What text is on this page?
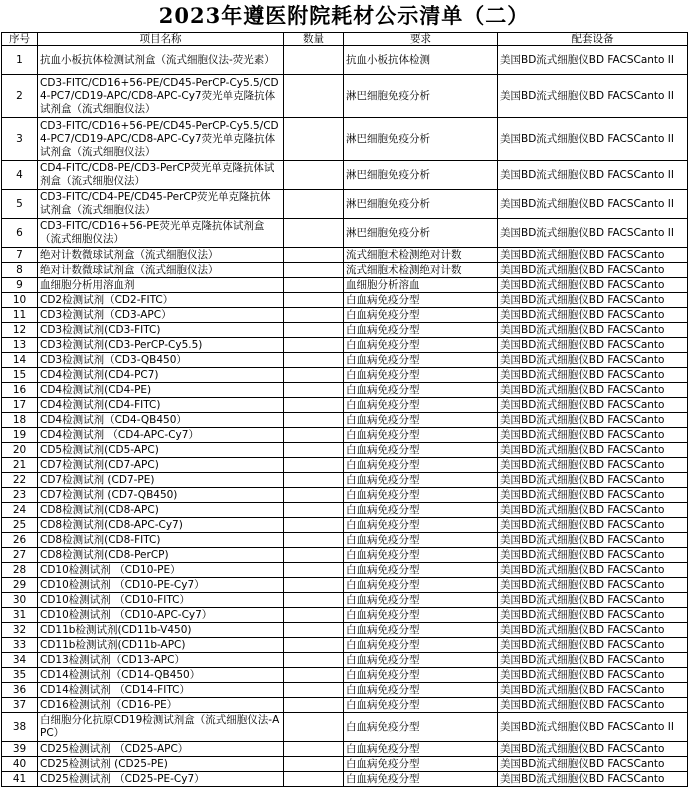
2023年遵医附院耗材公示清单（二）
序号	项目名称	数量	要求	配套设备
1	抗血小板抗体检测试剂盒（流式细胞仪法-荧光素）		抗血小板抗体检测	美国BD流式细胞仪BD FACSCanto II
2	CD3-FITC/CD16+56-PE/CD45-PerCP-Cy5.5/CD4-PC7/CD19-APC/CD8-APC-Cy7荧光单克隆抗体试剂盒（流式细胞仪法）		淋巴细胞免疫分析	美国BD流式细胞仪BD FACSCanto II
3	CD3-FITC/CD16+56-PE/CD45-PerCP-Cy5.5/CD4-PC7/CD19-APC/CD8-APC-Cy7荧光单克隆抗体试剂盒（流式细胞仪法）		淋巴细胞免疫分析	美国BD流式细胞仪BD FACSCanto II
4	CD4-FITC/CD8-PE/CD3-PerCP荧光单克隆抗体试剂盒（流式细胞仪法）		淋巴细胞免疫分析	美国BD流式细胞仪BD FACSCanto II
5	CD3-FITC/CD4-PE/CD45-PerCP荧光单克隆抗体试剂盒（流式细胞仪法）		淋巴细胞免疫分析	美国BD流式细胞仪BD FACSCanto II
6	CD3-FITC/CD16+56-PE荧光单克隆抗体试剂盒（流式细胞仪法）		淋巴细胞免疫分析	美国BD流式细胞仪BD FACSCanto II
7	绝对计数微球试剂盒（流式细胞仪法）		流式细胞术检测绝对计数	美国BD流式细胞仪BD FACSCanto
8	绝对计数微球试剂盒（流式细胞仪法）		流式细胞术检测绝对计数	美国BD流式细胞仪BD FACSCanto
9	血细胞分析用溶血剂		血细胞分析溶血	美国BD流式细胞仪BD FACSCanto
10	CD2检测试剂（CD2-FITC）		白血病免疫分型	美国BD流式细胞仪BD FACSCanto
11	CD3检测试剂（CD3-APC）		白血病免疫分型	美国BD流式细胞仪BD FACSCanto
12	CD3检测试剂(CD3-FITC)		白血病免疫分型	美国BD流式细胞仪BD FACSCanto
13	CD3检测试剂(CD3-PerCP-Cy5.5)		白血病免疫分型	美国BD流式细胞仪BD FACSCanto
14	CD3检测试剂（CD3-QB450）		白血病免疫分型	美国BD流式细胞仪BD FACSCanto
15	CD4检测试剂(CD4-PC7)		白血病免疫分型	美国BD流式细胞仪BD FACSCanto
16	CD4检测试剂(CD4-PE)		白血病免疫分型	美国BD流式细胞仪BD FACSCanto
17	CD4检测试剂(CD4-FITC)		白血病免疫分型	美国BD流式细胞仪BD FACSCanto
18	CD4检测试剂（CD4-QB450）		白血病免疫分型	美国BD流式细胞仪BD FACSCanto
19	CD4检测试剂 （CD4-APC-Cy7）		白血病免疫分型	美国BD流式细胞仪BD FACSCanto
20	CD5检测试剂(CD5-APC)		白血病免疫分型	美国BD流式细胞仪BD FACSCanto
21	CD7检测试剂(CD7-APC)		白血病免疫分型	美国BD流式细胞仪BD FACSCanto
22	CD7检测试剂 (CD7-PE)		白血病免疫分型	美国BD流式细胞仪BD FACSCanto
23	CD7检测试剂 (CD7-QB450)		白血病免疫分型	美国BD流式细胞仪BD FACSCanto
24	CD8检测试剂(CD8-APC)		白血病免疫分型	美国BD流式细胞仪BD FACSCanto
25	CD8检测试剂(CD8-APC-Cy7)		白血病免疫分型	美国BD流式细胞仪BD FACSCanto
26	CD8检测试剂(CD8-FITC)		白血病免疫分型	美国BD流式细胞仪BD FACSCanto
27	CD8检测试剂(CD8-PerCP)		白血病免疫分型	美国BD流式细胞仪BD FACSCanto
28	CD10检测试剂 （CD10-PE）		白血病免疫分型	美国BD流式细胞仪BD FACSCanto
29	CD10检测试剂 （CD10-PE-Cy7）		白血病免疫分型	美国BD流式细胞仪BD FACSCanto
30	CD10检测试剂 （CD10-FITC）		白血病免疫分型	美国BD流式细胞仪BD FACSCanto
31	CD10检测试剂 （CD10-APC-Cy7）		白血病免疫分型	美国BD流式细胞仪BD FACSCanto
32	CD11b检测试剂(CD11b-V450)		白血病免疫分型	美国BD流式细胞仪BD FACSCanto
33	CD11b检测试剂(CD11b-APC)		白血病免疫分型	美国BD流式细胞仪BD FACSCanto
34	CD13检测试剂（CD13-APC）		白血病免疫分型	美国BD流式细胞仪BD FACSCanto
35	CD14检测试剂（CD14-QB450）		白血病免疫分型	美国BD流式细胞仪BD FACSCanto
36	CD14检测试剂 （CD14-FITC）		白血病免疫分型	美国BD流式细胞仪BD FACSCanto
37	CD16检测试剂（CD16-PE）		白血病免疫分型	美国BD流式细胞仪BD FACSCanto
38	白细胞分化抗原CD19检测试剂盒（流式细胞仪法-APC）		白血病免疫分型	美国BD流式细胞仪BD FACSCanto II
39	CD25检测试剂 （CD25-APC）		白血病免疫分型	美国BD流式细胞仪BD FACSCanto
40	CD25检测试剂 (CD25-PE)		白血病免疫分型	美国BD流式细胞仪BD FACSCanto
41	CD25检测试剂 （CD25-PE-Cy7）		白血病免疫分型	美国BD流式细胞仪BD FACSCanto
